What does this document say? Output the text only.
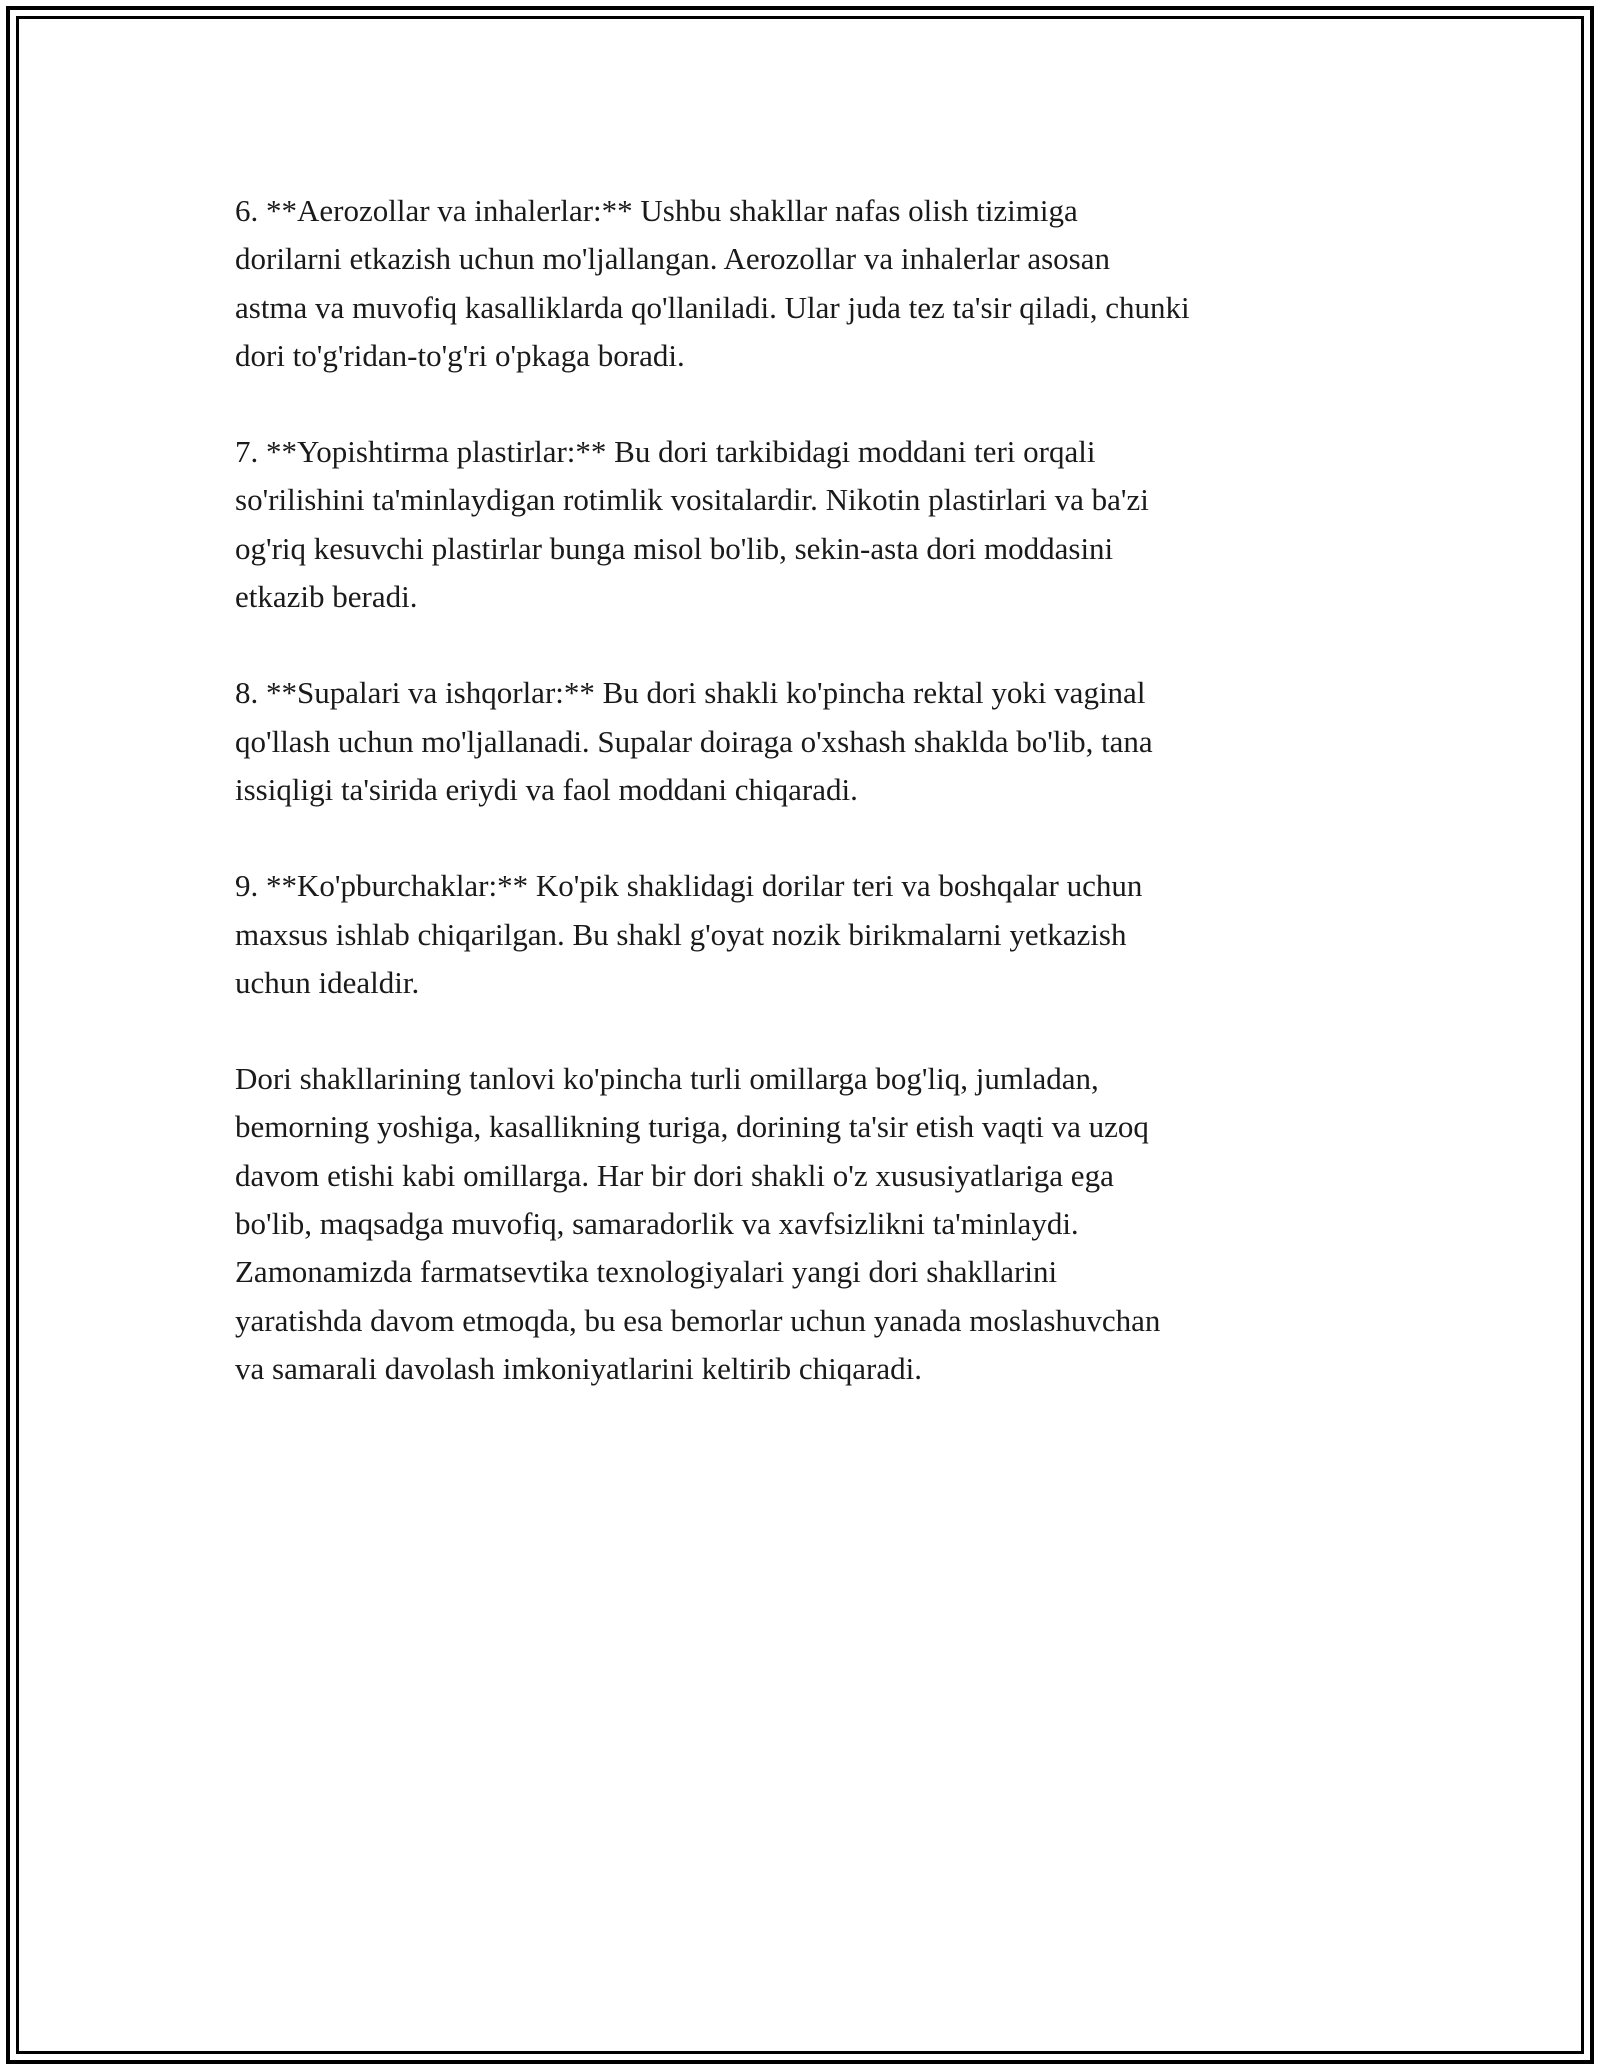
6. **Aerozollar va inhalerlar:** Ushbu shakllar nafas olish tizimiga
dorilarni etkazish uchun mo'ljallangan. Aerozollar va inhalerlar asosan
astma va muvofiq kasalliklarda qo'llaniladi. Ular juda tez ta'sir qiladi, chunki
dori to'g'ridan-to'g'ri o'pkaga boradi.

7. **Yopishtirma plastirlar:** Bu dori tarkibidagi moddani teri orqali
so'rilishini ta'minlaydigan rotimlik vositalardir. Nikotin plastirlari va ba'zi
og'riq kesuvchi plastirlar bunga misol bo'lib, sekin-asta dori moddasini
etkazib beradi.

8. **Supalari va ishqorlar:** Bu dori shakli ko'pincha rektal yoki vaginal
qo'llash uchun mo'ljallanadi. Supalar doiraga o'xshash shaklda bo'lib, tana
issiqligi ta'sirida eriydi va faol moddani chiqaradi.

9. **Ko'pburchaklar:** Ko'pik shaklidagi dorilar teri va boshqalar uchun
maxsus ishlab chiqarilgan. Bu shakl g'oyat nozik birikmalarni yetkazish
uchun idealdir.

Dori shakllarining tanlovi ko'pincha turli omillarga bog'liq, jumladan,
bemorning yoshiga, kasallikning turiga, dorining ta'sir etish vaqti va uzoq
davom etishi kabi omillarga. Har bir dori shakli o'z xususiyatlariga ega
bo'lib, maqsadga muvofiq, samaradorlik va xavfsizlikni ta'minlaydi.
Zamonamizda farmatsevtika texnologiyalari yangi dori shakllarini
yaratishda davom etmoqda, bu esa bemorlar uchun yanada moslashuvchan
va samarali davolash imkoniyatlarini keltirib chiqaradi.
